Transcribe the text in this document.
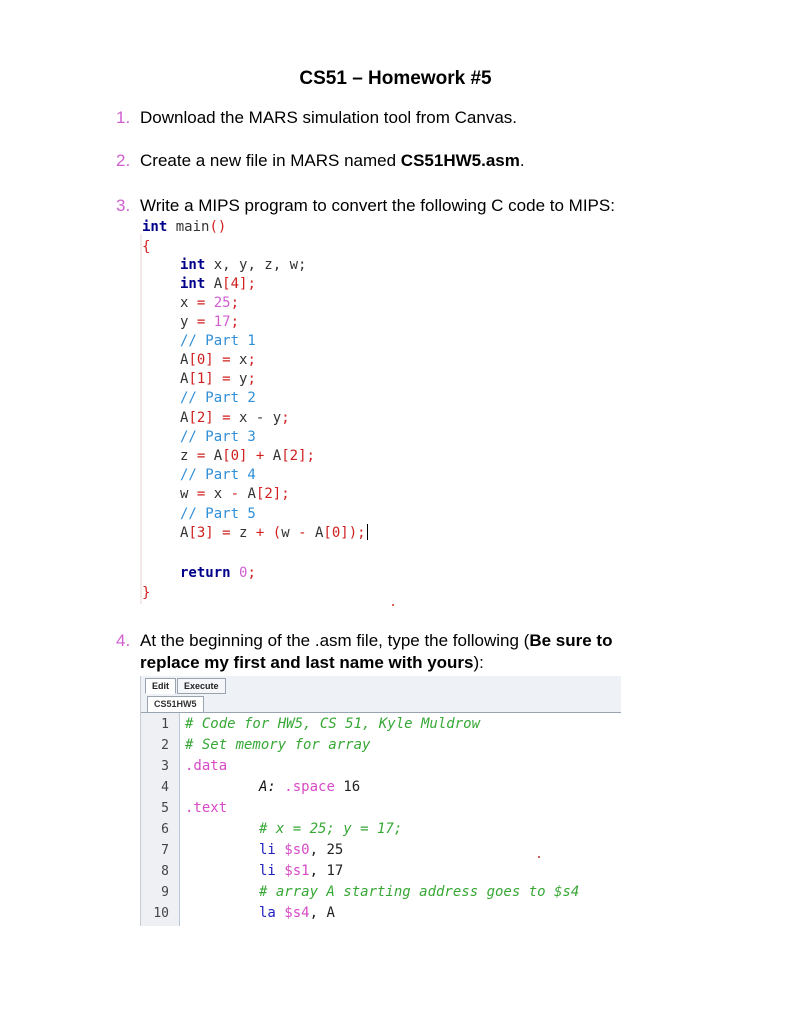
CS51 – Homework #5
1. Download the MARS simulation tool from Canvas.
2. Create a new file in MARS named CS51HW5.asm.
3. Write a MIPS program to convert the following C code to MIPS:
int main()
{
int x, y, z, w;
int A[4];
x = 25;
y = 17;
// Part 1
A[0] = x;
A[1] = y;
// Part 2
A[2] = x - y;
// Part 3
z = A[0] + A[2];
// Part 4
w = x - A[2];
// Part 5
A[3] = z + (w - A[0]);
return 0;
}
4. At the beginning of the .asm file, type the following (Be sure to replace my first and last name with yours):
Edit	Execute
CS51HW5
1 # Code for HW5, CS 51, Kyle Muldrow
2 # Set memory for array
3 .data
4	A: .space 16
5 .text
6	# x = 25; y = 17;
7	li $s0, 25
8	li $s1, 17
9	# array A starting address goes to $s4
10	la $s4, A
